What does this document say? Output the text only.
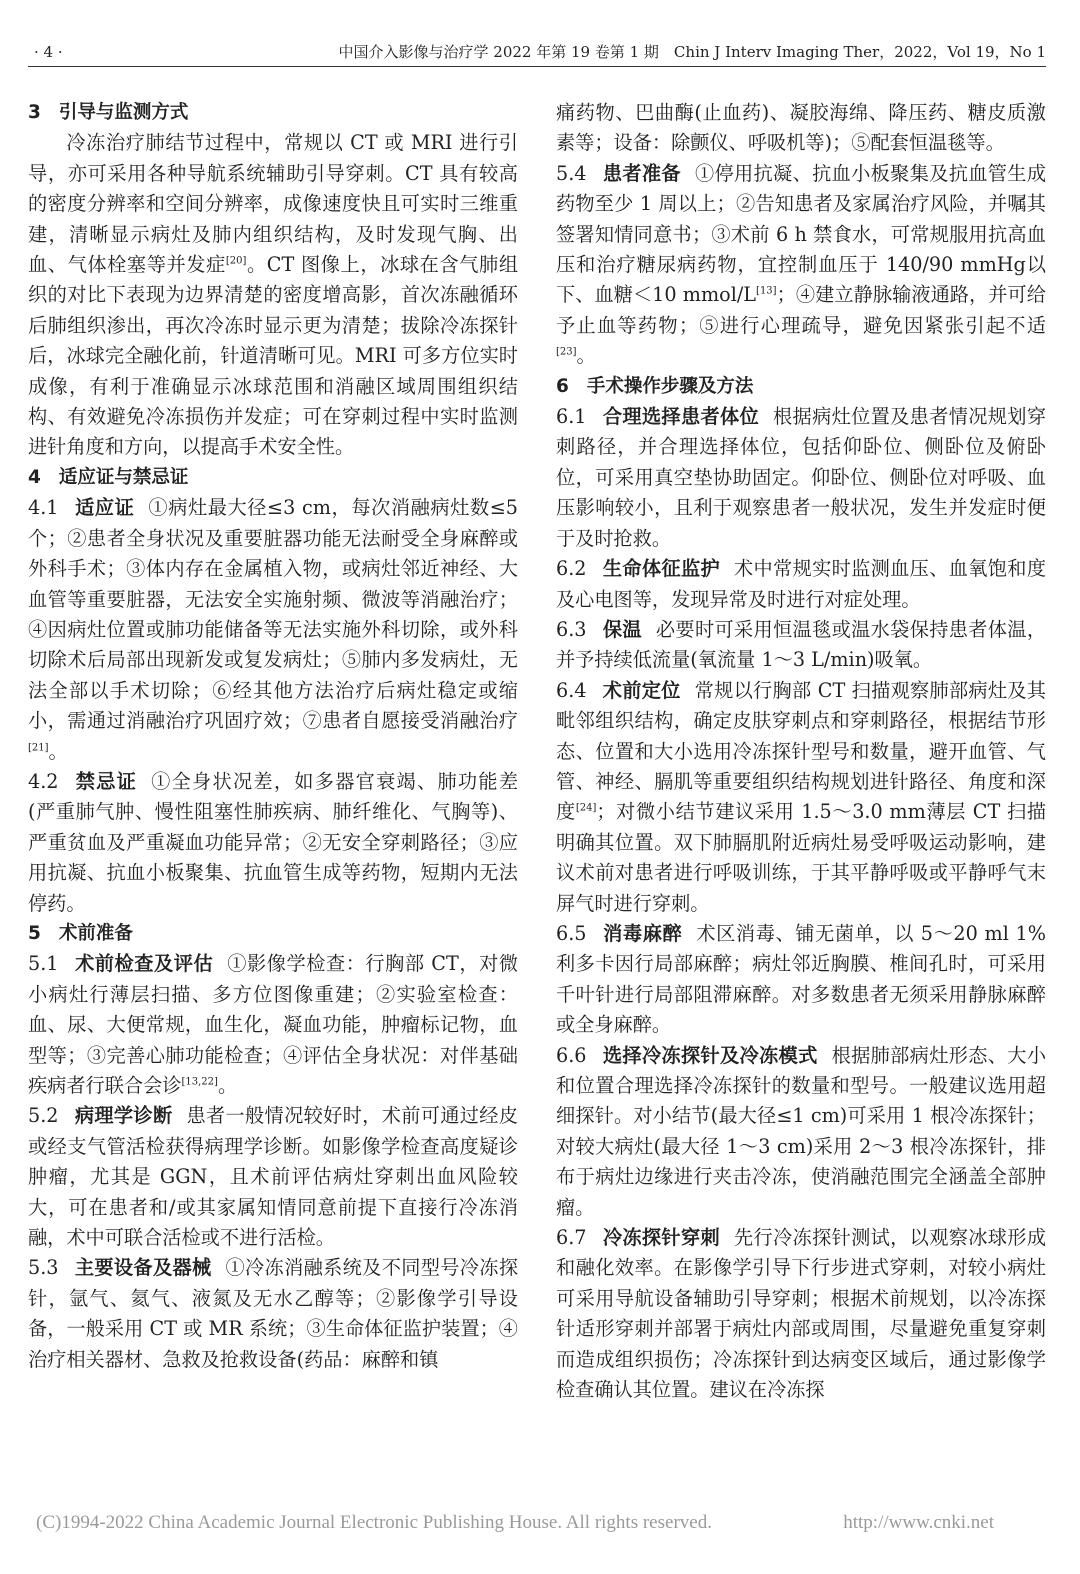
· 4 ·	中国介入影像与治疗学 2022 年第 19 卷第 1 期　Chin J Interv Imaging Ther，2022，Vol 19，No 1

3 引导与监测方式

冷冻治疗肺结节过程中，常规以 CT 或 MRI 进行引导，亦可采用各种导航系统辅助引导穿刺。CT 具有较高的密度分辨率和空间分辨率，成像速度快且可实时三维重建，清晰显示病灶及肺内组织结构，及时发现气胸、出血、气体栓塞等并发症[20]。CT 图像上，冰球在含气肺组织的对比下表现为边界清楚的密度增高影，首次冻融循环后肺组织渗出，再次冷冻时显示更为清楚；拔除冷冻探针后，冰球完全融化前，针道清晰可见。MRI 可多方位实时成像，有利于准确显示冰球范围和消融区域周围组织结构、有效避免冷冻损伤并发症；可在穿刺过程中实时监测进针角度和方向，以提高手术安全性。

4 适应证与禁忌证

4.1 适应证 ①病灶最大径≤3 cm，每次消融病灶数≤5 个；②患者全身状况及重要脏器功能无法耐受全身麻醉或外科手术；③体内存在金属植入物，或病灶邻近神经、大血管等重要脏器，无法安全实施射频、微波等消融治疗；④因病灶位置或肺功能储备等无法实施外科切除，或外科切除术后局部出现新发或复发病灶；⑤肺内多发病灶，无法全部以手术切除；⑥经其他方法治疗后病灶稳定或缩小，需通过消融治疗巩固疗效；⑦患者自愿接受消融治疗[21]。

4.2 禁忌证 ①全身状况差，如多器官衰竭、肺功能差(严重肺气肿、慢性阻塞性肺疾病、肺纤维化、气胸等)、严重贫血及严重凝血功能异常；②无安全穿刺路径；③应用抗凝、抗血小板聚集、抗血管生成等药物，短期内无法停药。

5 术前准备

5.1 术前检查及评估 ①影像学检查：行胸部 CT，对微小病灶行薄层扫描、多方位图像重建；②实验室检查：血、尿、大便常规，血生化，凝血功能，肿瘤标记物，血型等；③完善心肺功能检查；④评估全身状况：对伴基础疾病者行联合会诊[13,22]。

5.2 病理学诊断 患者一般情况较好时，术前可通过经皮或经支气管活检获得病理学诊断。如影像学检查高度疑诊肿瘤，尤其是 GGN，且术前评估病灶穿刺出血风险较大，可在患者和/或其家属知情同意前提下直接行冷冻消融，术中可联合活检或不进行活检。

5.3 主要设备及器械 ①冷冻消融系统及不同型号冷冻探针，氩气、氦气、液氮及无水乙醇等；②影像学引导设备，一般采用 CT 或 MR 系统；③生命体征监护装置；④治疗相关器材、急救及抢救设备(药品：麻醉和镇

痛药物、巴曲酶(止血药)、凝胶海绵、降压药、糖皮质激素等；设备：除颤仪、呼吸机等)；⑤配套恒温毯等。

5.4 患者准备 ①停用抗凝、抗血小板聚集及抗血管生成药物至少 1 周以上；②告知患者及家属治疗风险，并嘱其签署知情同意书；③术前 6 h 禁食水，可常规服用抗高血压和治疗糖尿病药物，宜控制血压于 140/90 mmHg以下、血糖＜10 mmol/L[13]；④建立静脉输液通路，并可给予止血等药物；⑤进行心理疏导，避免因紧张引起不适[23]。

6 手术操作步骤及方法

6.1 合理选择患者体位 根据病灶位置及患者情况规划穿刺路径，并合理选择体位，包括仰卧位、侧卧位及俯卧位，可采用真空垫协助固定。仰卧位、侧卧位对呼吸、血压影响较小，且利于观察患者一般状况，发生并发症时便于及时抢救。

6.2 生命体征监护 术中常规实时监测血压、血氧饱和度及心电图等，发现异常及时进行对症处理。

6.3 保温 必要时可采用恒温毯或温水袋保持患者体温，并予持续低流量(氧流量 1～3 L/min)吸氧。

6.4 术前定位 常规以行胸部 CT 扫描观察肺部病灶及其毗邻组织结构，确定皮肤穿刺点和穿刺路径，根据结节形态、位置和大小选用冷冻探针型号和数量，避开血管、气管、神经、膈肌等重要组织结构规划进针路径、角度和深度[24]；对微小结节建议采用 1.5～3.0 mm薄层 CT 扫描明确其位置。双下肺膈肌附近病灶易受呼吸运动影响，建议术前对患者进行呼吸训练，于其平静呼吸或平静呼气末屏气时进行穿刺。

6.5 消毒麻醉 术区消毒、铺无菌单，以 5～20 ml 1%利多卡因行局部麻醉；病灶邻近胸膜、椎间孔时，可采用千叶针进行局部阻滞麻醉。对多数患者无须采用静脉麻醉或全身麻醉。

6.6 选择冷冻探针及冷冻模式 根据肺部病灶形态、大小和位置合理选择冷冻探针的数量和型号。一般建议选用超细探针。对小结节(最大径≤1 cm)可采用 1 根冷冻探针；对较大病灶(最大径 1～3 cm)采用 2～3 根冷冻探针，排布于病灶边缘进行夹击冷冻，使消融范围完全涵盖全部肿瘤。

6.7 冷冻探针穿刺 先行冷冻探针测试，以观察冰球形成和融化效率。在影像学引导下行步进式穿刺，对较小病灶可采用导航设备辅助引导穿刺；根据术前规划，以冷冻探针适形穿刺并部署于病灶内部或周围，尽量避免重复穿刺而造成组织损伤；冷冻探针到达病变区域后，通过影像学检查确认其位置。建议在冷冻探

(C)1994-2022 China Academic Journal Electronic Publishing House. All rights reserved.	http://www.cnki.net
